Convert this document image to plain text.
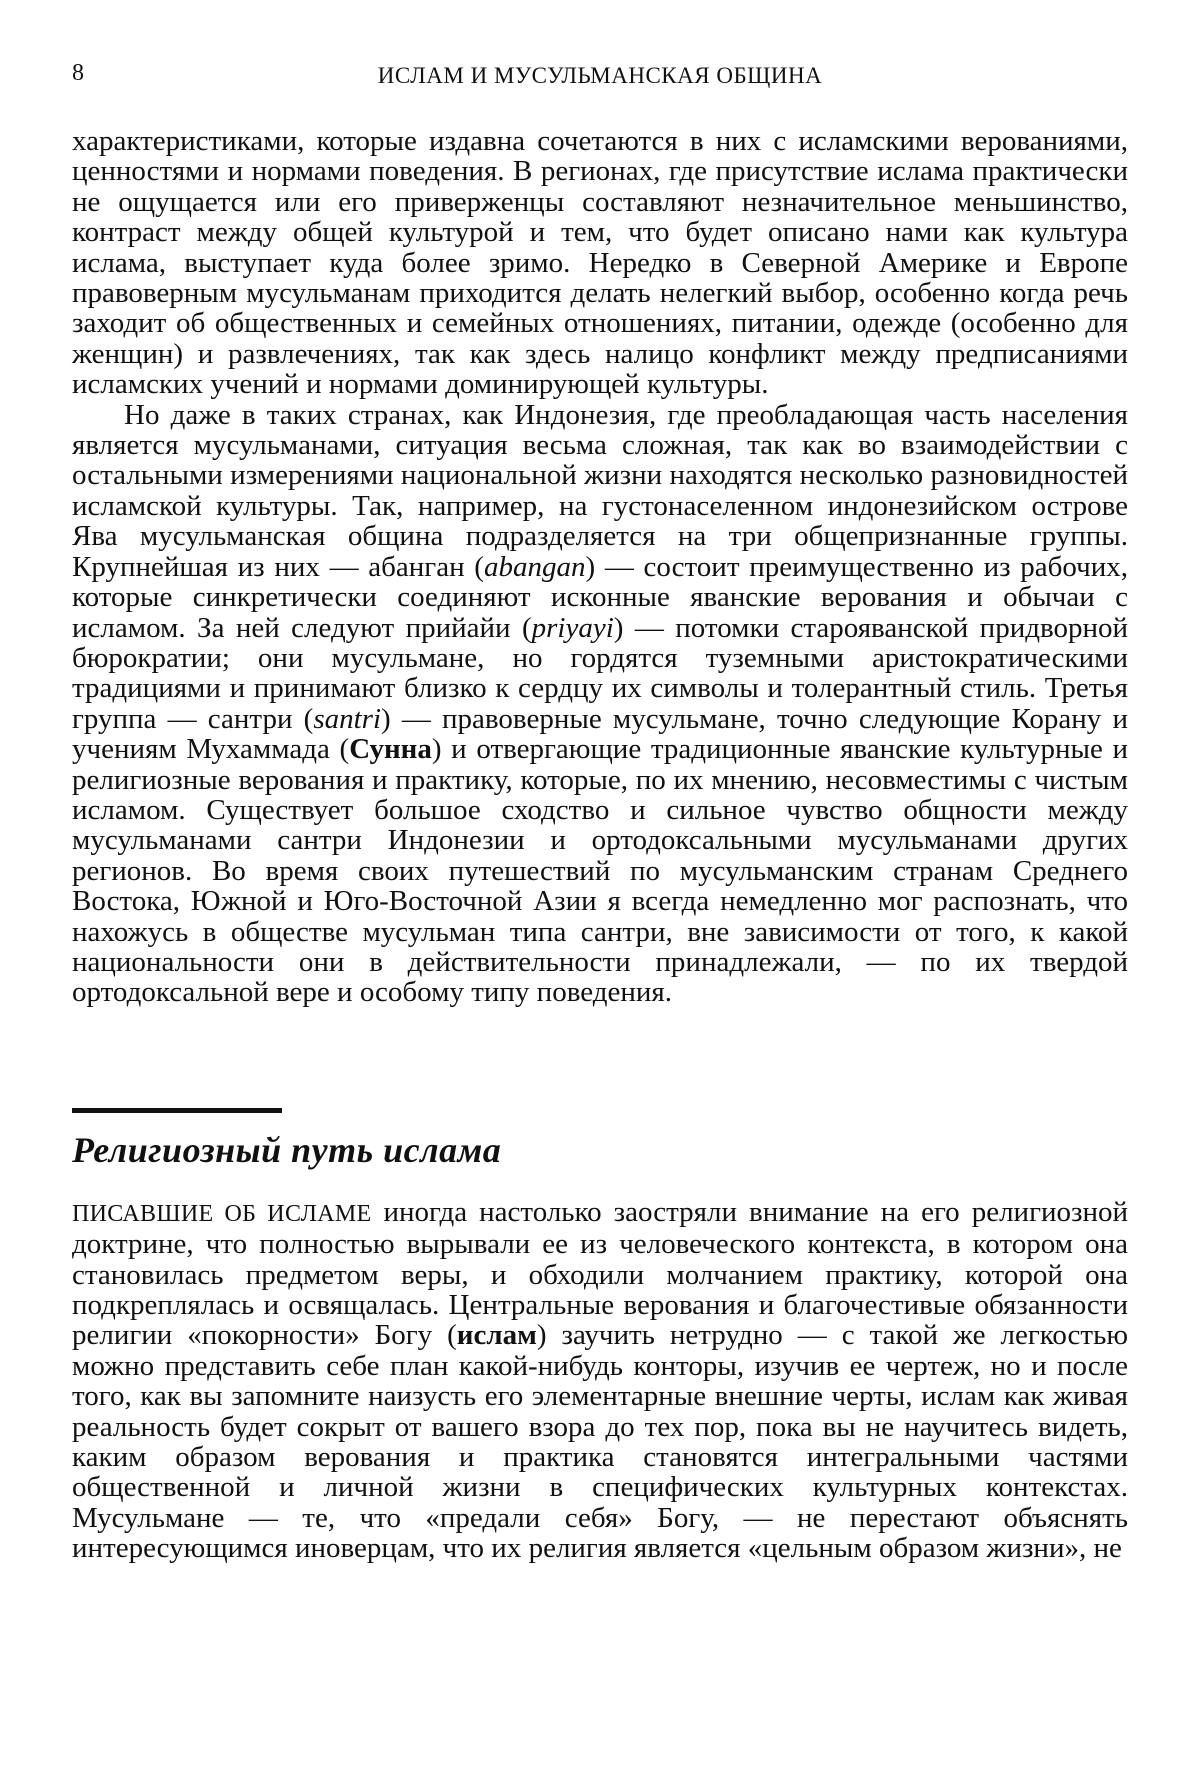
8	ИСЛАМ И МУСУЛЬМАНСКАЯ ОБЩИНА

характеристиками, которые издавна сочетаются в них с исламскими верованиями, ценностями и нормами поведения. В регионах, где присутствие ислама практически не ощущается или его приверженцы составляют незначительное меньшинство, контраст между общей культурой и тем, что будет описано нами как культура ислама, выступает куда более зримо. Нередко в Северной Америке и Европе правоверным мусульманам приходится делать нелегкий выбор, особенно когда речь заходит об общественных и семейных отношениях, питании, одежде (особенно для женщин) и развлечениях, так как здесь налицо конфликт между предписаниями исламских учений и нормами доминирующей культуры.

Но даже в таких странах, как Индонезия, где преобладающая часть населения является мусульманами, ситуация весьма сложная, так как во взаимодействии с остальными измерениями национальной жизни находятся несколько разновидностей исламской культуры. Так, например, на густонаселенном индонезийском острове Ява мусульманская община подразделяется на три общепризнанные группы. Крупнейшая из них — абанган (abangan) — состоит преимущественно из рабочих, которые синкретически соединяют исконные яванские верования и обычаи с исламом. За ней следуют прийайи (priyayi) — потомки старояванской придворной бюрократии; они мусульмане, но гордятся туземными аристократическими традициями и принимают близко к сердцу их символы и толерантный стиль. Третья группа — сантри (santri) — правоверные мусульмане, точно следующие Корану и учениям Мухаммада (Сунна) и отвергающие традиционные яванские культурные и религиозные верования и практику, которые, по их мнению, несовместимы с чистым исламом. Существует большое сходство и сильное чувство общности между мусульманами сантри Индонезии и ортодоксальными мусульманами других регионов. Во время своих путешествий по мусульманским странам Среднего Востока, Южной и Юго-Восточной Азии я всегда немедленно мог распознать, что нахожусь в обществе мусульман типа сантри, вне зависимости от того, к какой национальности они в действительности принадлежали, — по их твердой ортодоксальной вере и особому типу поведения.

Религиозный путь ислама

ПИСАВШИЕ ОБ ИСЛАМЕ иногда настолько заостряли внимание на его религиозной доктрине, что полностью вырывали ее из человеческого контекста, в котором она становилась предметом веры, и обходили молчанием практику, которой она подкреплялась и освящалась. Центральные верования и благочестивые обязанности религии «покорности» Богу (ислам) заучить нетрудно — с такой же легкостью можно представить себе план какой-нибудь конторы, изучив ее чертеж, но и после того, как вы запомните наизусть его элементарные внешние черты, ислам как живая реальность будет сокрыт от вашего взора до тех пор, пока вы не научитесь видеть, каким образом верования и практика становятся интегральными частями общественной и личной жизни в специфических культурных контекстах. Мусульмане — те, что «предали себя» Богу, — не перестают объяснять интересующимся иноверцам, что их религия является «цельным образом жизни», не
